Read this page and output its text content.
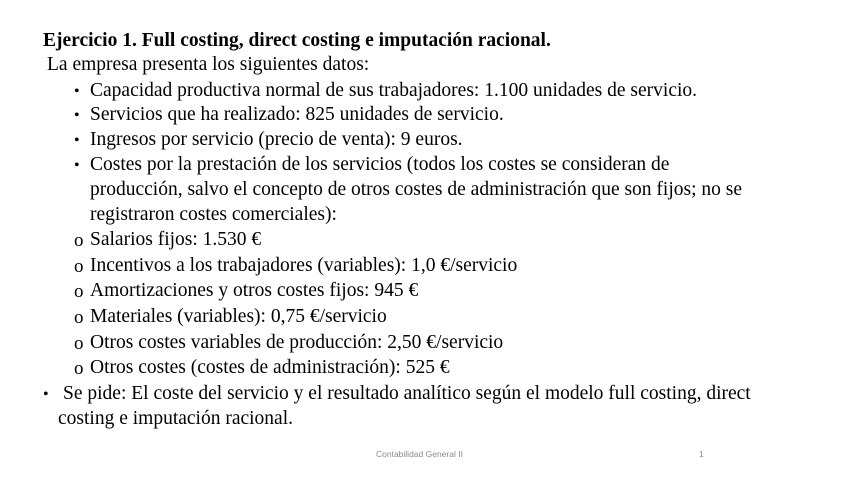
Ejercicio 1. Full costing, direct costing e imputación racional.
La empresa presenta los siguientes datos:
• Capacidad productiva normal de sus trabajadores: 1.100 unidades de servicio.
• Servicios que ha realizado: 825 unidades de servicio.
• Ingresos por servicio (precio de venta): 9 euros.
• Costes por la prestación de los servicios (todos los costes se consideran de
producción, salvo el concepto de otros costes de administración que son fijos; no se
registraron costes comerciales):
o Salarios fijos: 1.530 €
o Incentivos a los trabajadores (variables): 1,0 €/servicio
o Amortizaciones y otros costes fijos: 945 €
o Materiales (variables): 0,75 €/servicio
o Otros costes variables de producción: 2,50 €/servicio
o Otros costes (costes de administración): 525 €
• Se pide: El coste del servicio y el resultado analítico según el modelo full costing, direct
costing e imputación racional.
Contabilidad General II	1
